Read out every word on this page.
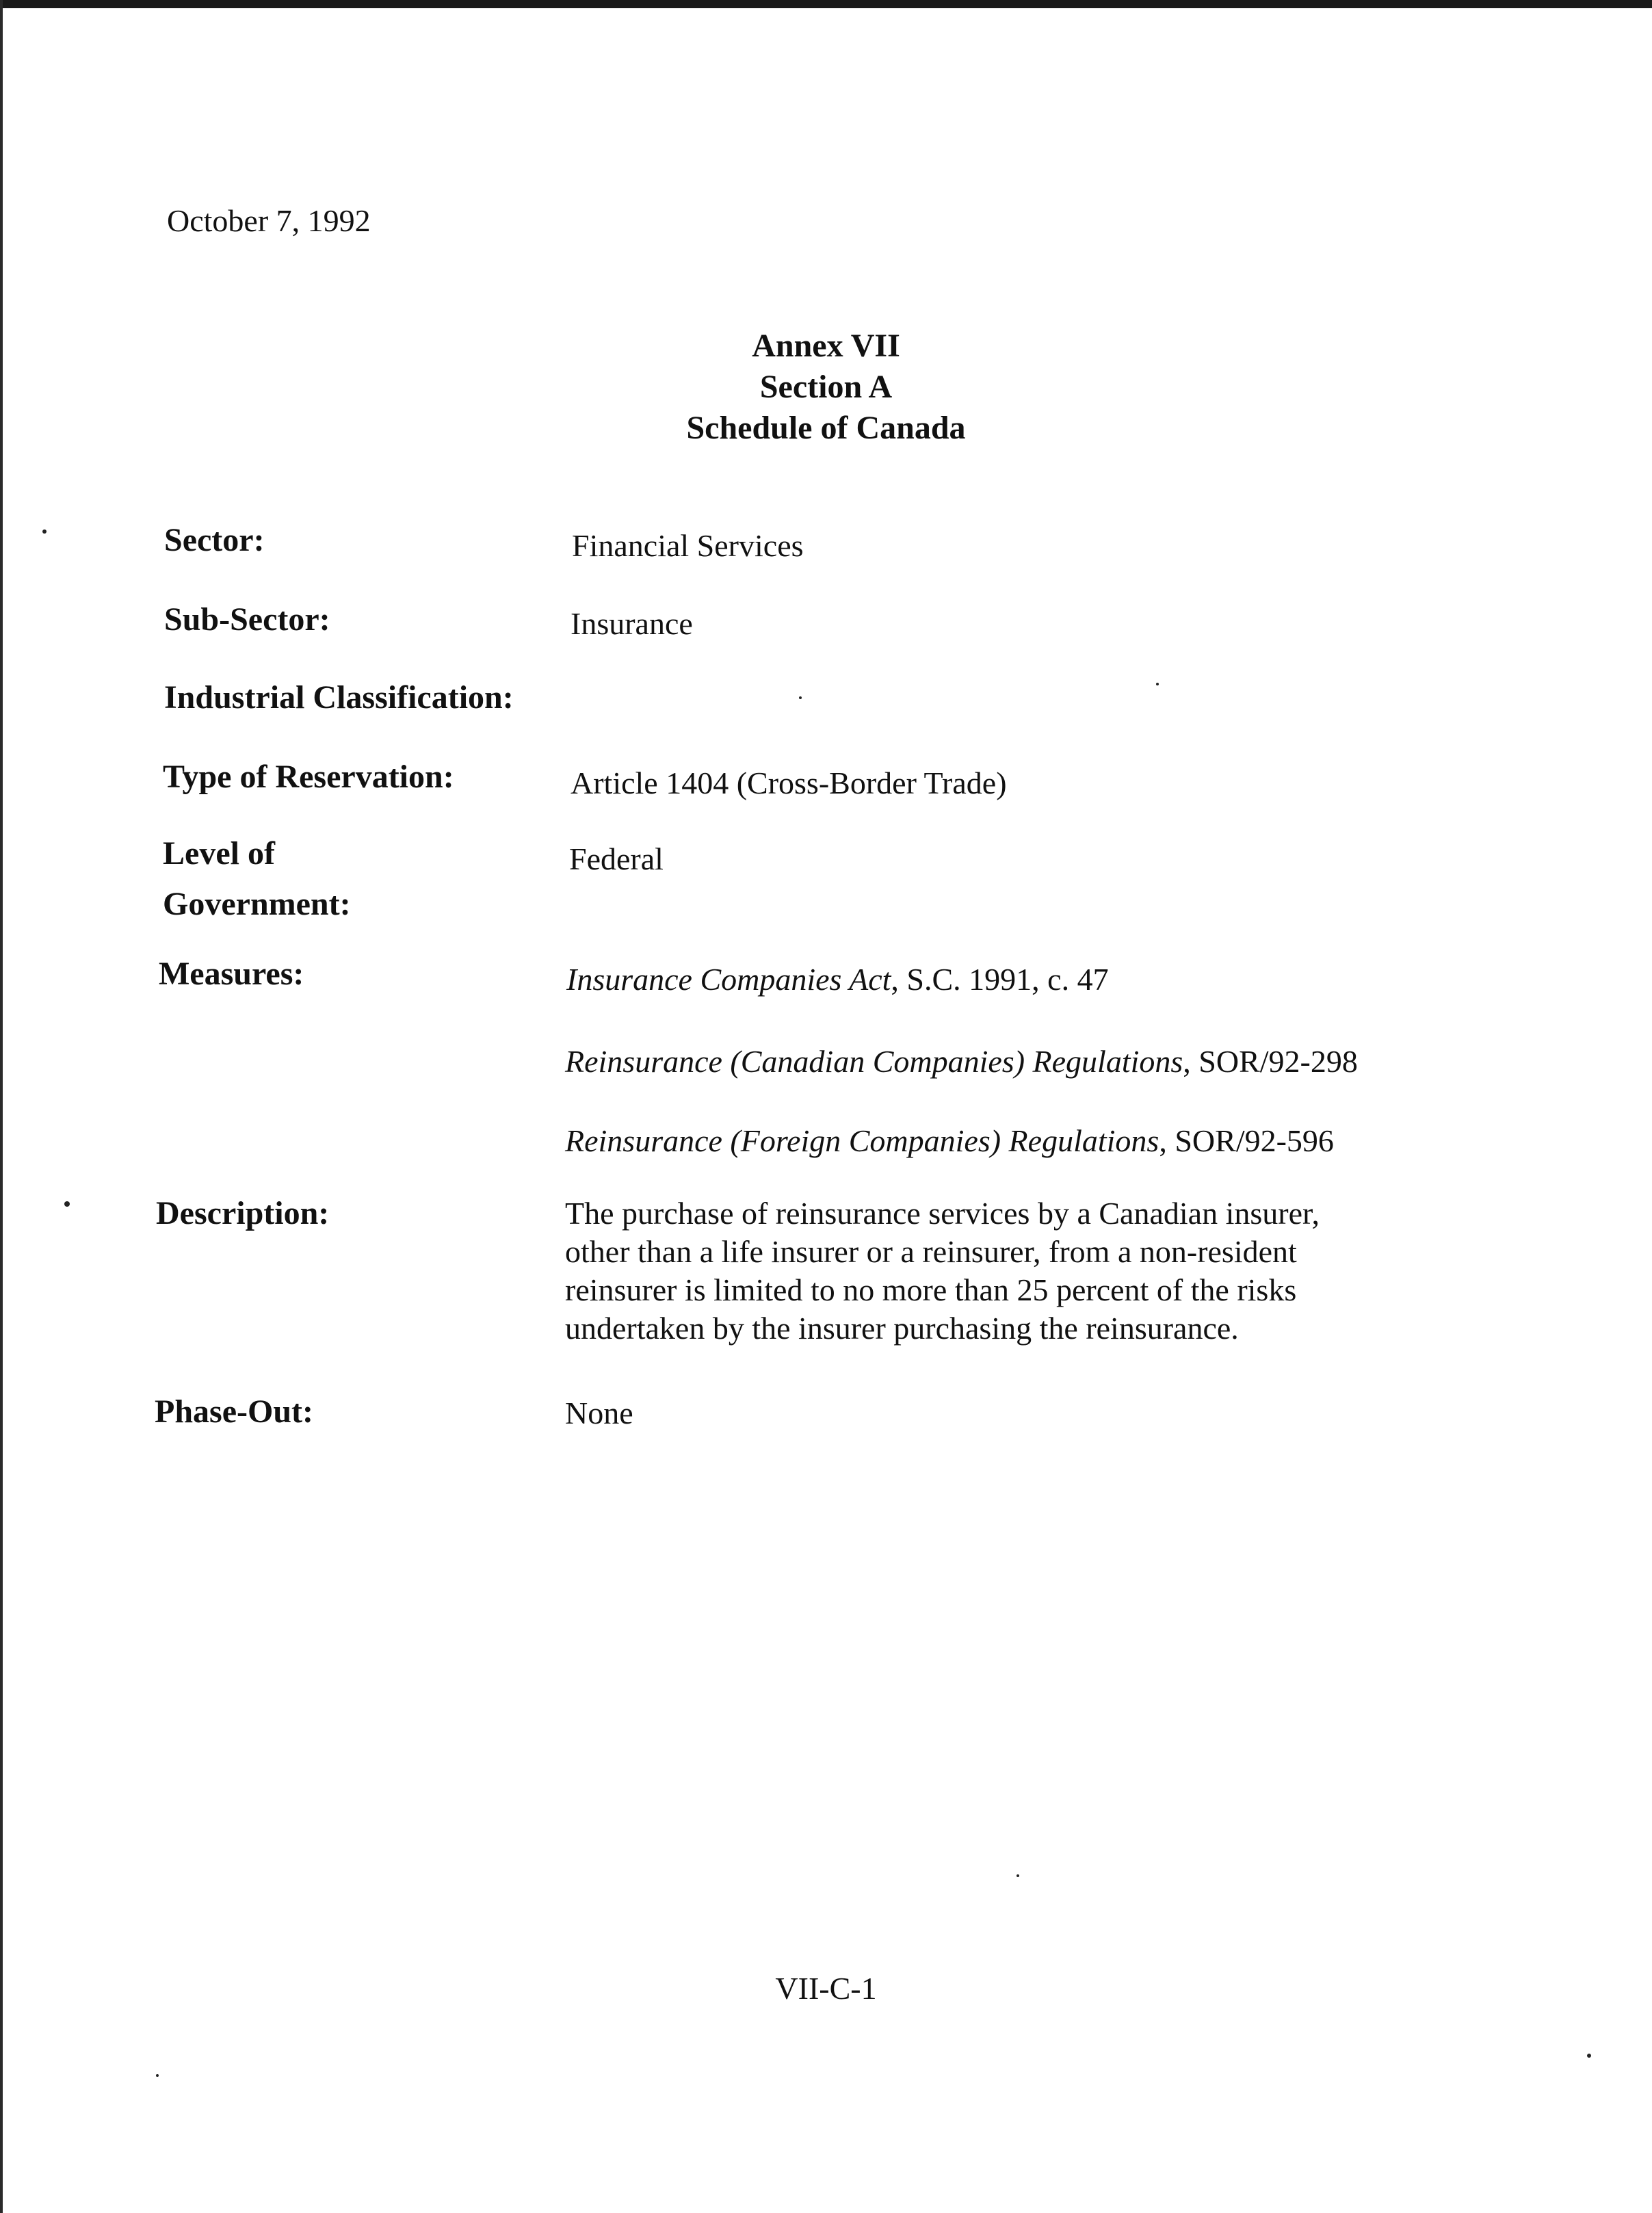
October 7, 1992
Annex VII
Section A
Schedule of Canada
Sector:	Financial Services
Sub-Sector:	Insurance
Industrial Classification:
Type of Reservation:	Article 1404 (Cross-Border Trade)
Level of
Government:
Federal
Measures:	Insurance Companies Act, S.C. 1991, c. 47
Reinsurance (Canadian Companies) Regulations, SOR/92-298
Reinsurance (Foreign Companies) Regulations, SOR/92-596
Description:	The purchase of reinsurance services by a Canadian insurer,
other than a life insurer or a reinsurer, from a non-resident
reinsurer is limited to no more than 25 percent of the risks
undertaken by the insurer purchasing the reinsurance.
Phase-Out:	None
VII-C-1
